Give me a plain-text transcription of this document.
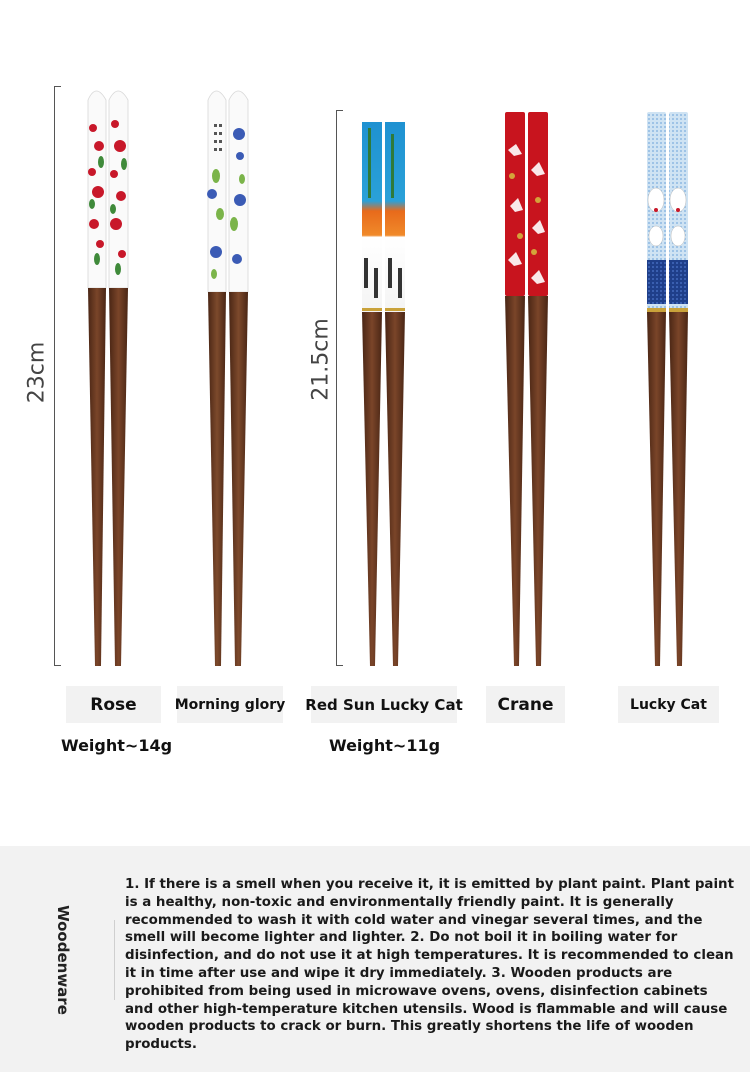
23cm	21.5cm
Rose	Morning glory Red Sun Lucky Cat	Crane	Lucky Cat
Weight~14g	Weight~11g
Woodenware
1. If there is a smell when you receive it, it is emitted by plant paint. Plant paint is a healthy, non-toxic and environmentally friendly paint. It is generally recommended to wash it with cold water and vinegar several times, and the smell will become lighter and lighter. 2. Do not boil it in boiling water for disinfection, and do not use it at high temperatures. It is recommended to clean it in time after use and wipe it dry immediately. 3. Wooden products are prohibited from being used in microwave ovens, ovens, disinfection cabinets and other high-temperature kitchen utensils. Wood is flammable and will cause wooden products to crack or burn. This greatly shortens the life of wooden products.
